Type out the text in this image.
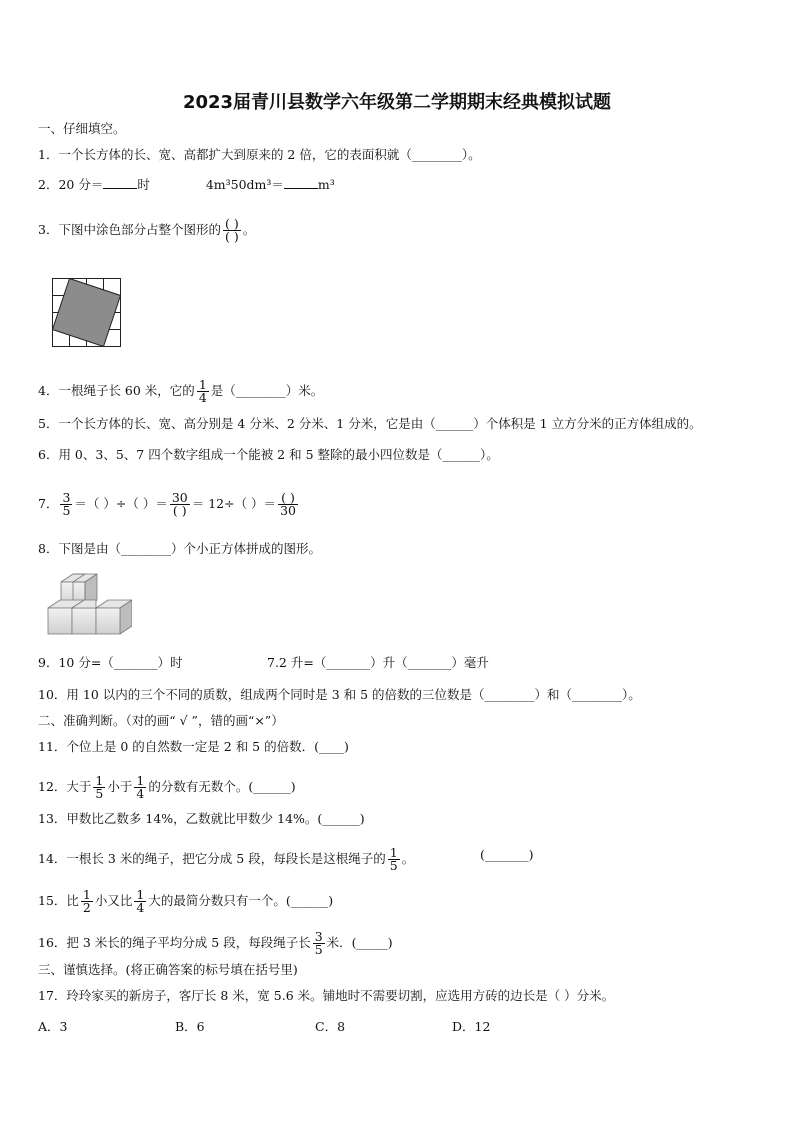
2023届青川县数学六年级第二学期期末经典模拟试题
一、仔细填空。
1．一个长方体的长、宽、高都扩大到原来的 2 倍，它的表面积就（________）。
2．20 分＝	时	4m³50dm³＝	m³
3．下图中涂色部分占整个图形的 $\frac{( )}{( )}$ 。
4．一根绳子长 60 米，它的 $\frac{1}{4}$ 是（________）米。
5．一个长方体的长、宽、高分别是 4 分米、2 分米、1 分米，它是由（______）个体积是 1 立方分米的正方体组成的。
6．用 0、3、5、7 四个数字组成一个能被 2 和 5 整除的最小四位数是（______）。
7． $\frac{3}{5}$ ＝（ ）÷（ ）＝ $\frac{30}{( )} = 12\div$（ ）＝ $\frac{( )}{30}$
8．下图是由（________）个小正方体拼成的图形。
9．10 分=（_______）时	7.2 升=（_______）升（_______）毫升
10．用 10 以内的三个不同的质数，组成两个同时是 3 和 5 的倍数的三位数是（________）和（________）。
二、准确判断。（对的画“ √ ”，错的画“×”）
11．个位上是 0 的自然数一定是 2 和 5 的倍数．(____)
12．大于 $\frac{1}{5}$ 小于 $\frac{1}{4}$ 的分数有无数个。(______)
13．甲数比乙数多 14%，乙数就比甲数少 14%。(______)
14．一根长 3 米的绳子，把它分成 5 段，每段长是这根绳子的 $\frac{1}{5}$ 。	(_______)
15．比 $\frac{1}{2}$ 小又比 $\frac{1}{4}$ 大的最简分数只有一个。(______)
16．把 3 米长的绳子平均分成 5 段，每段绳子长 $\frac{3}{5}$ 米．(_____)
三、谨慎选择。(将正确答案的标号填在括号里)
17．玲玲家买的新房子，客厅长 8 米，宽 5.6 米。铺地时不需要切割，应选用方砖的边长是（ ）分米。
A．3	B．6	C．8	D．12
